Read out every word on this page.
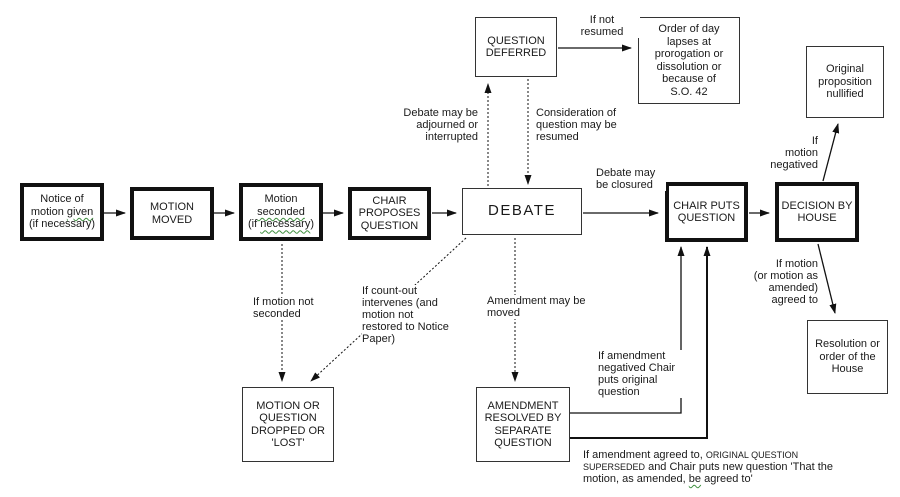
Notice of
motion given
(if necessary)
MOTION
MOVED
Motion
seconded
(if necessary)
CHAIR
PROPOSES
QUESTION
DEBATE	CHAIR PUTS
QUESTION
DECISION BY
HOUSE
QUESTION
DEFERRED
Order of day
lapses at
prorogation or
dissolution or
because of
S.O. 42
Original
proposition
nullified
MOTION OR
QUESTION
DROPPED OR
'LOST'
AMENDMENT
RESOLVED BY
SEPARATE
QUESTION
Resolution or
order of the
House
If not
resumed
Debate may be
adjourned or
interrupted
Consideration of
question may be
resumed
Debate may
be closured
If
motion
negatived
If motion
(or motion as
amended)
agreed to
If motion not
seconded
If count-out
intervenes (and
motion not
restored to Notice
Paper)
Amendment may be
moved
If amendment
negatived Chair
puts original
question
If amendment agreed to, ORIGINAL QUESTION
SUPERSEDED and Chair puts new question 'That the
motion, as amended, be agreed to'
